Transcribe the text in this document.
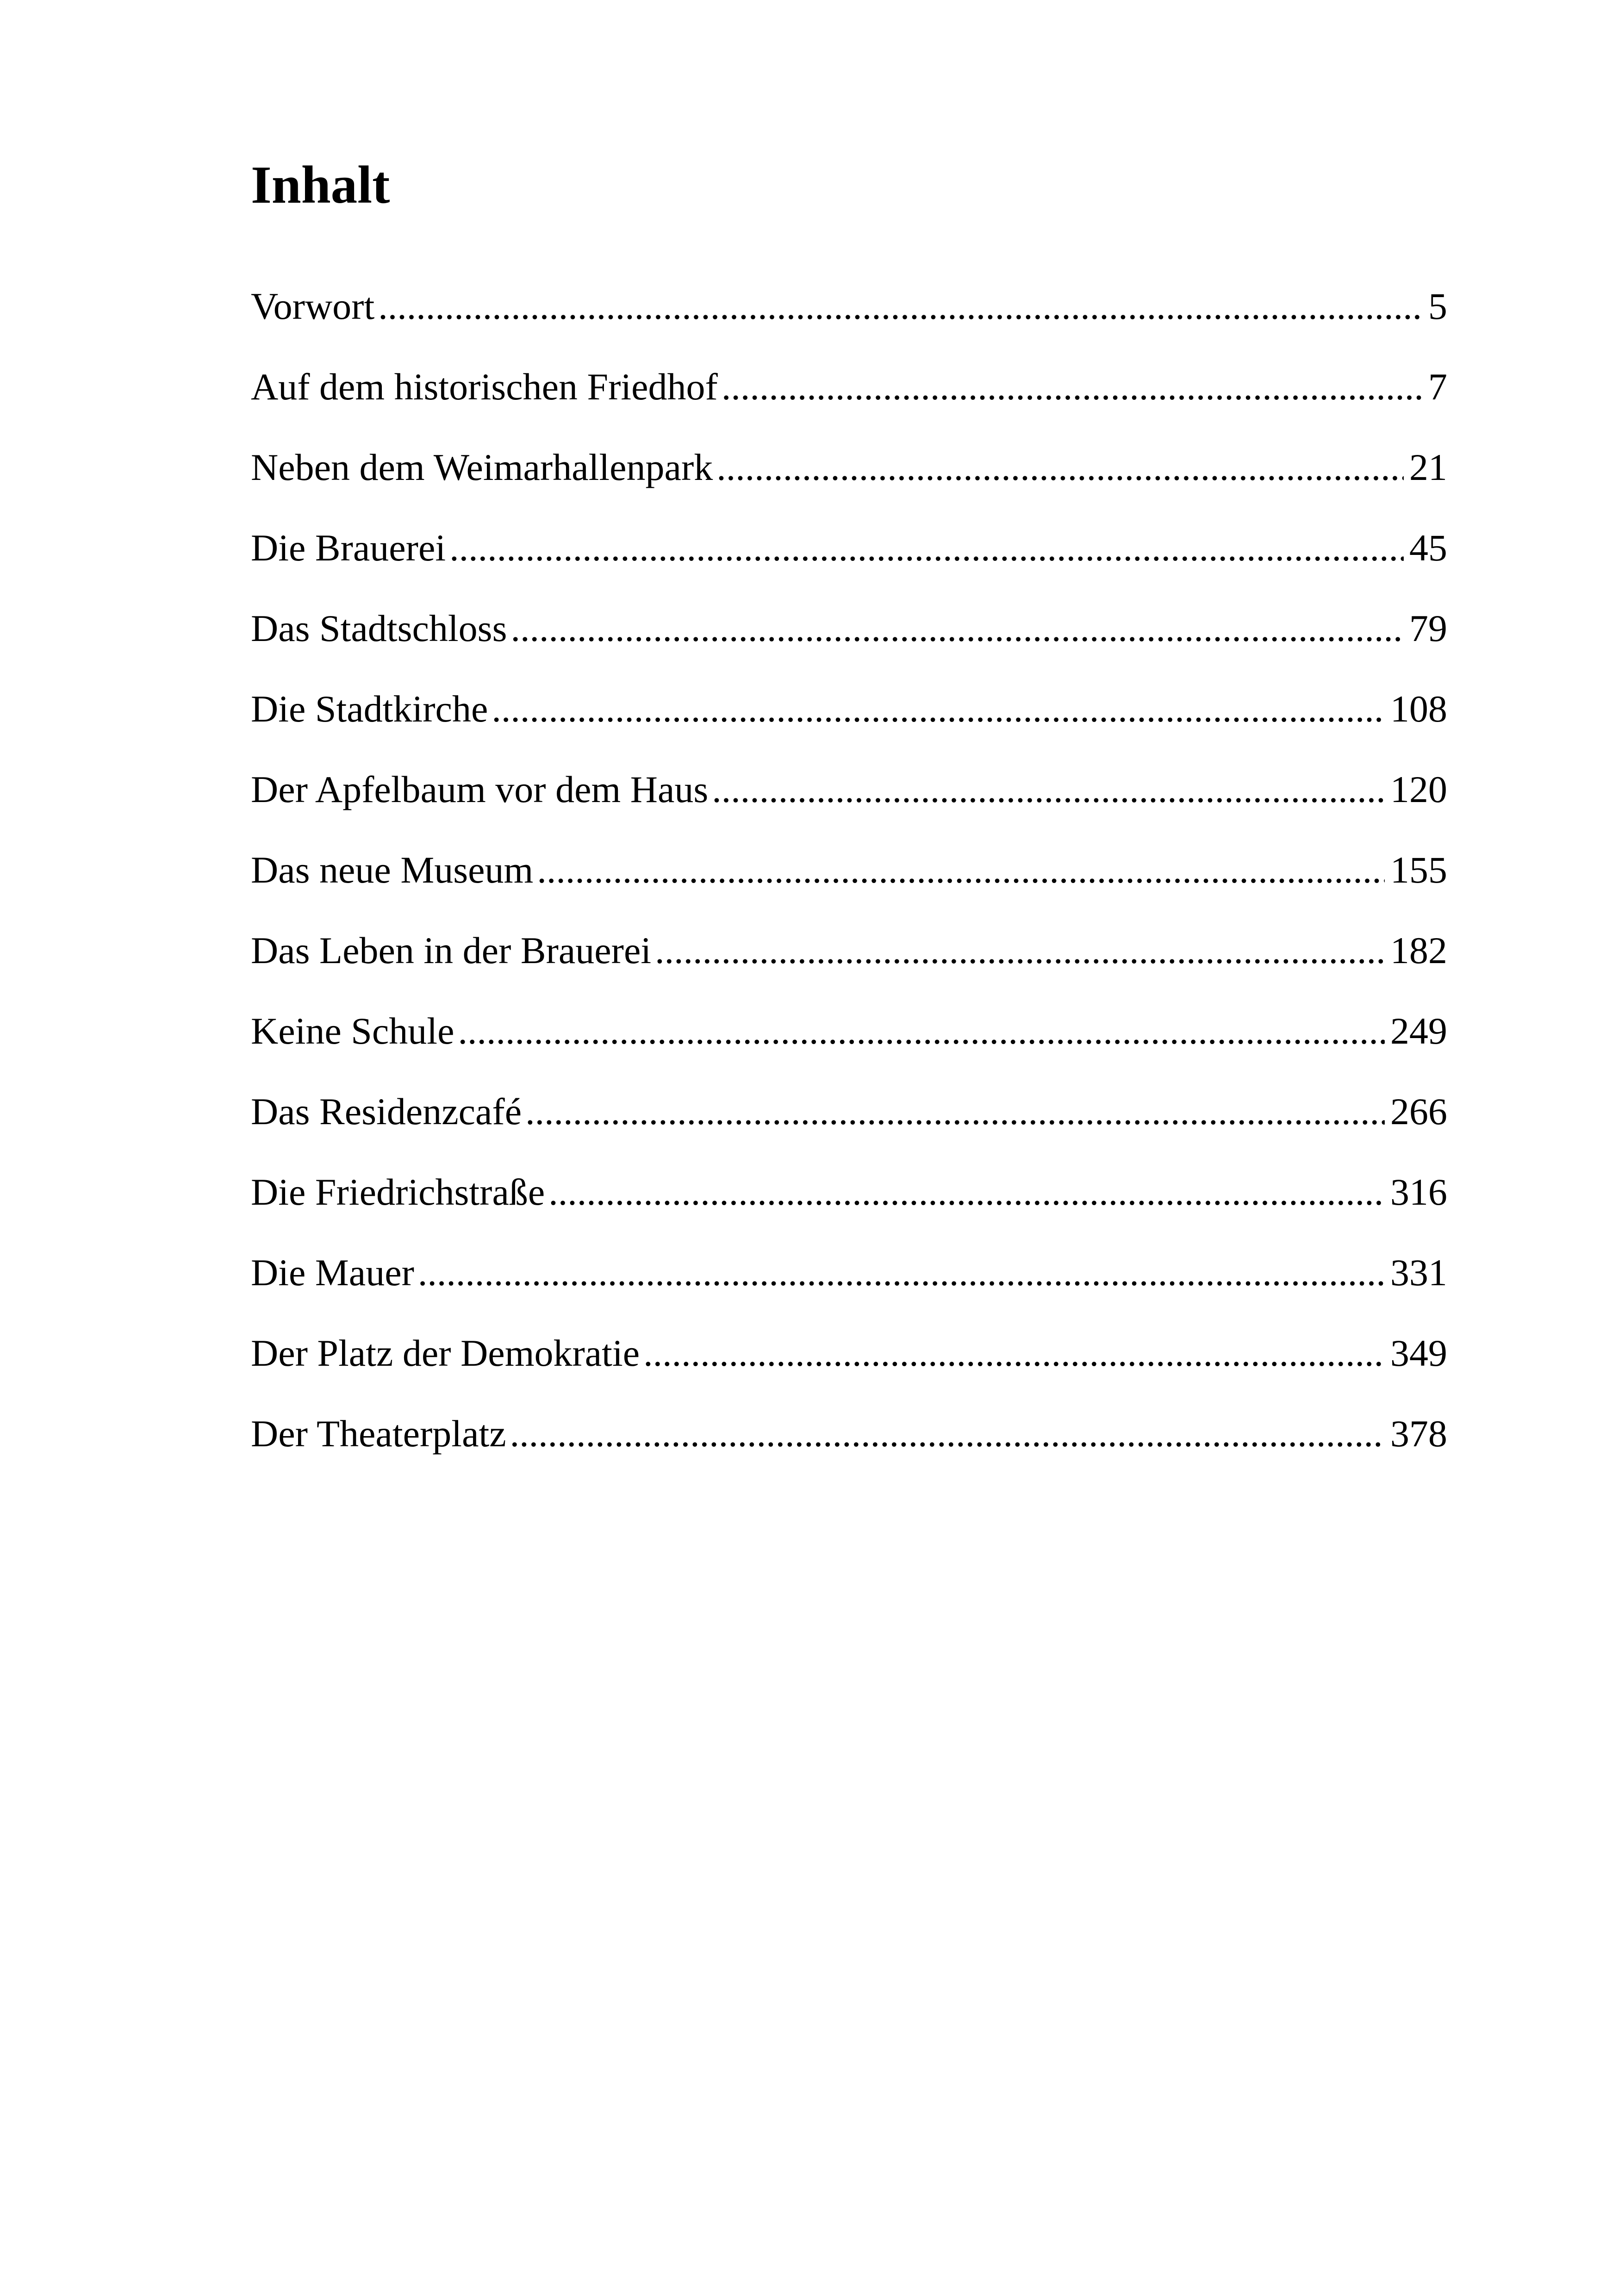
Inhalt
Vorwort .....	5
Auf dem historischen Friedhof .....	7
Neben dem Weimarhallenpark .....	21
Die Brauerei .....	45
Das Stadtschloss .....	79
Die Stadtkirche .....	108
Der Apfelbaum vor dem Haus .....	120
Das neue Museum .....	155
Das Leben in der Brauerei .....	182
Keine Schule .....	249
Das Residenzcafé .....	266
Die Friedrichstraße .....	316
Die Mauer .....	331
Der Platz der Demokratie .....	349
Der Theaterplatz .....	378
